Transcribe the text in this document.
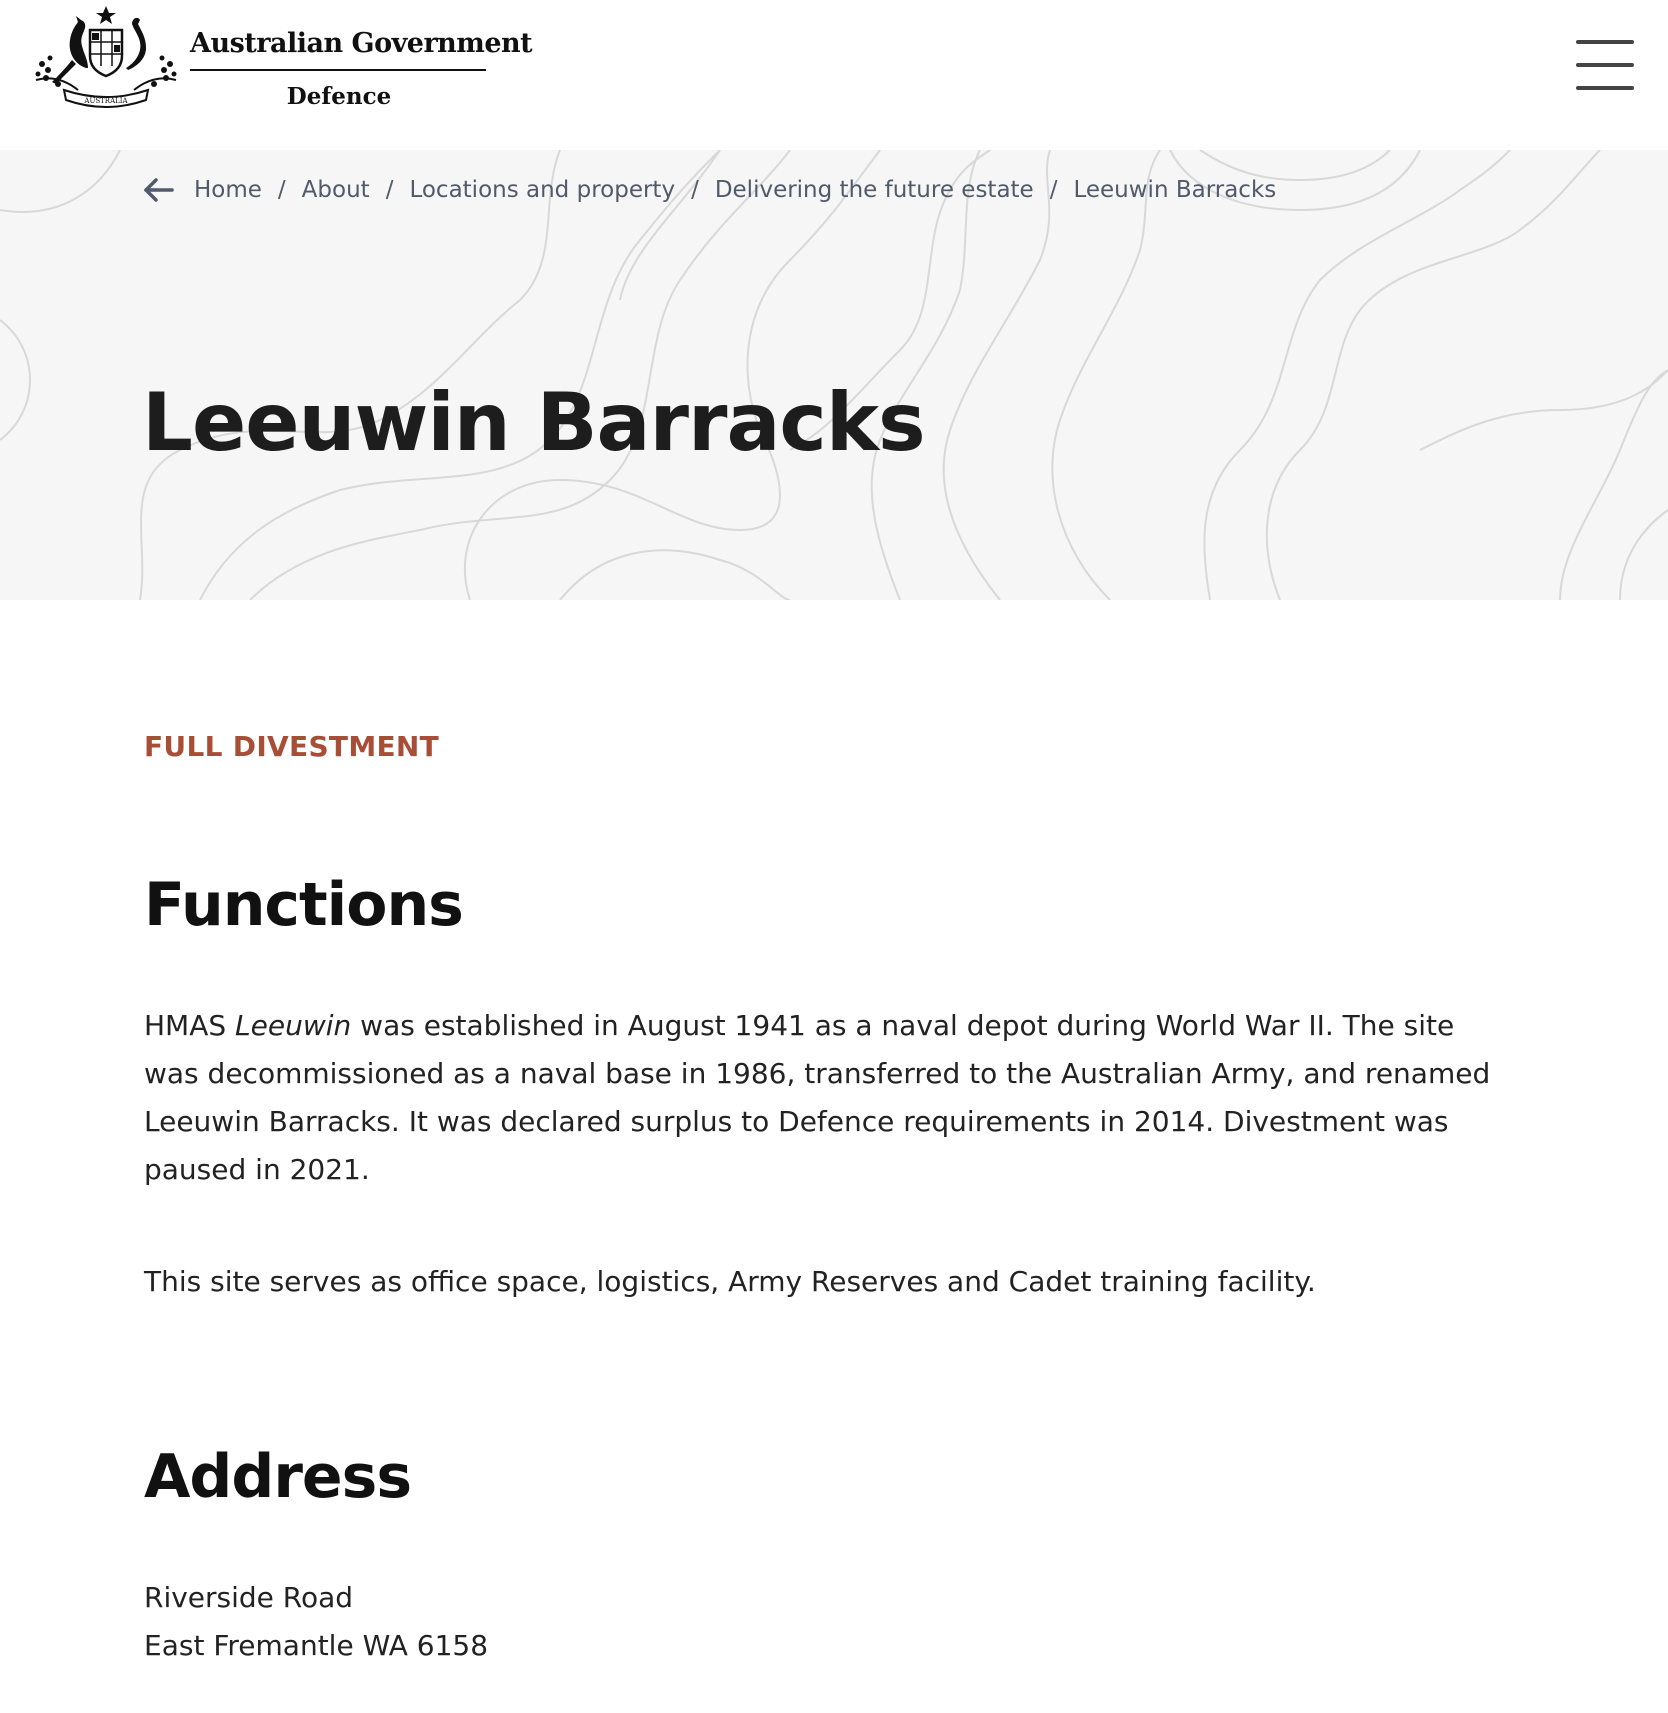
AUSTRALIA
Australian Government
Defence
Home / About / Locations and property / Delivering the future estate / Leeuwin Barracks
Leeuwin Barracks
FULL DIVESTMENT
Functions

HMAS Leeuwin was established in August 1941 as a naval depot during World War II. The site was decommissioned as a naval base in 1986, transferred to the Australian Army, and renamed Leeuwin Barracks. It was declared surplus to Defence requirements in 2014. Divestment was paused in 2021.

This site serves as office space, logistics, Army Reserves and Cadet training facility.

Address
Riverside Road
East Fremantle WA 6158
